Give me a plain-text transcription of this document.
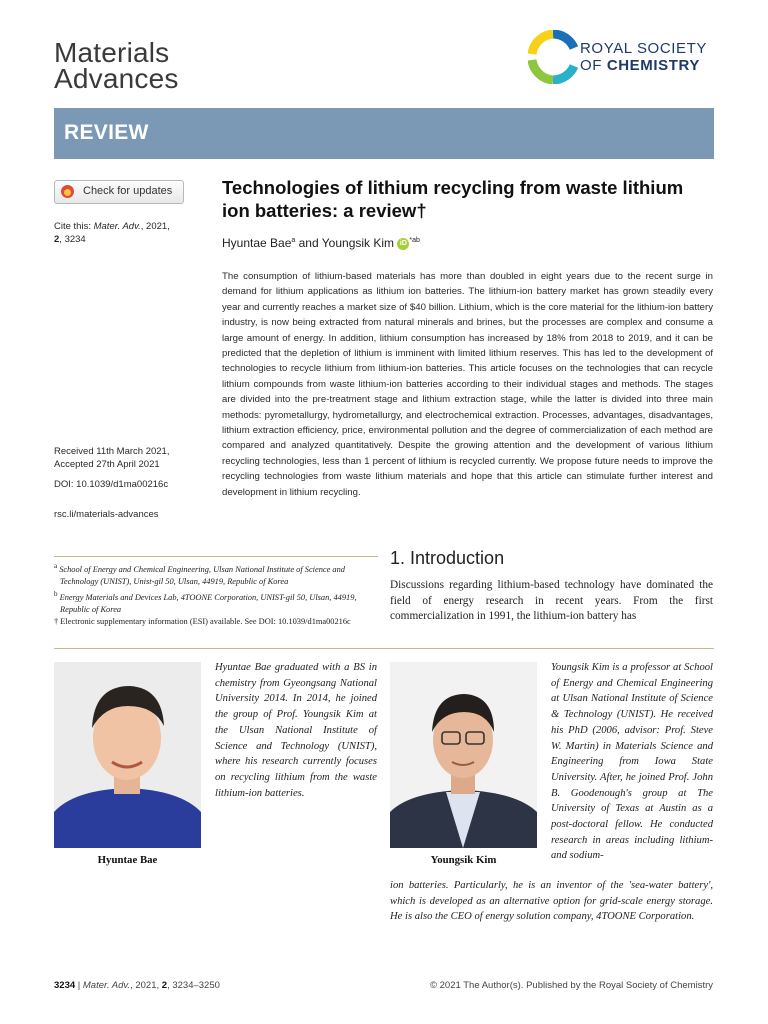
Materials
Advances
ROYAL SOCIETY
OF CHEMISTRY
REVIEW
Check for updates
Cite this: Mater. Adv., 2021,
2, 3234
Received 11th March 2021,
Accepted 27th April 2021
DOI: 10.1039/d1ma00216c
rsc.li/materials-advances
Technologies of lithium recycling from waste lithium ion batteries: a review†
Hyuntae Bae$^a$ and Youngsik Kim iD $^{*ab}$

The consumption of lithium-based materials has more than doubled in eight years due to the recent surge in demand for lithium applications as lithium ion batteries. The lithium-ion battery market has grown steadily every year and currently reaches a market size of $40 billion. Lithium, which is the core material for the lithium-ion battery industry, is now being extracted from natural minerals and brines, but the processes are complex and consume a large amount of energy. In addition, lithium consumption has increased by 18% from 2018 to 2019, and it can be predicted that the depletion of lithium is imminent with limited lithium reserves. This has led to the development of technologies to recycle lithium from lithium-ion batteries. This article focuses on the technologies that can recycle lithium compounds from waste lithium-ion batteries according to their individual stages and methods. The stages are divided into the pre-treatment stage and lithium extraction stage, while the latter is divided into three main methods: pyrometallurgy, hydrometallurgy, and electrochemical extraction. Processes, advantages, disadvantages, lithium extraction efficiency, price, environmental pollution and the degree of commercialization of each method are compared and analyzed quantitatively. Despite the growing attention and the development of various lithium recycling technologies, less than 1 percent of lithium is recycled currently. We propose future needs to improve the recycling technologies from waste lithium materials and hope that this article can stimulate further interest and development in lithium recycling.

$^a$ School of Energy and Chemical Engineering, Ulsan National Institute of Science and Technology (UNIST), Unist-gil 50, Ulsan, 44919, Republic of Korea

$^b$ Energy Materials and Devices Lab, 4TOONE Corporation, UNIST-gil 50, Ulsan, 44919, Republic of Korea

† Electronic supplementary information (ESI) available. See DOI: 10.1039/d1ma00216c

1. Introduction

Discussions regarding lithium-based technology have dominated the field of energy research in recent years. From the first commercialization in 1991, the lithium-ion battery has

Hyuntae Bae graduated with a BS in chemistry from Gyeongsang National University 2014. In 2014, he joined the group of Prof. Youngsik Kim at the Ulsan National Institute of Science and Technology (UNIST), where his research currently focuses on recycling lithium from the waste lithium-ion batteries.

Hyuntae Bae

Youngsik Kim is a professor at School of Energy and Chemical Engineering at Ulsan National Institute of Science & Technology (UNIST). He received his PhD (2006, advisor: Prof. Steve W. Martin) in Materials Science and Engineering from Iowa State University. After, he joined Prof. John B. Goodenough's group at The University of Texas at Austin as a post-doctoral fellow. He conducted research in areas including lithium- and sodium-

Youngsik Kim

ion batteries. Particularly, he is an inventor of the 'sea-water battery', which is developed as an alternative option for grid-scale energy storage. He is also the CEO of energy solution company, 4TOONE Corporation.

3234 | Mater. Adv., 2021, 2, 3234–3250	© 2021 The Author(s). Published by the Royal Society of Chemistry
